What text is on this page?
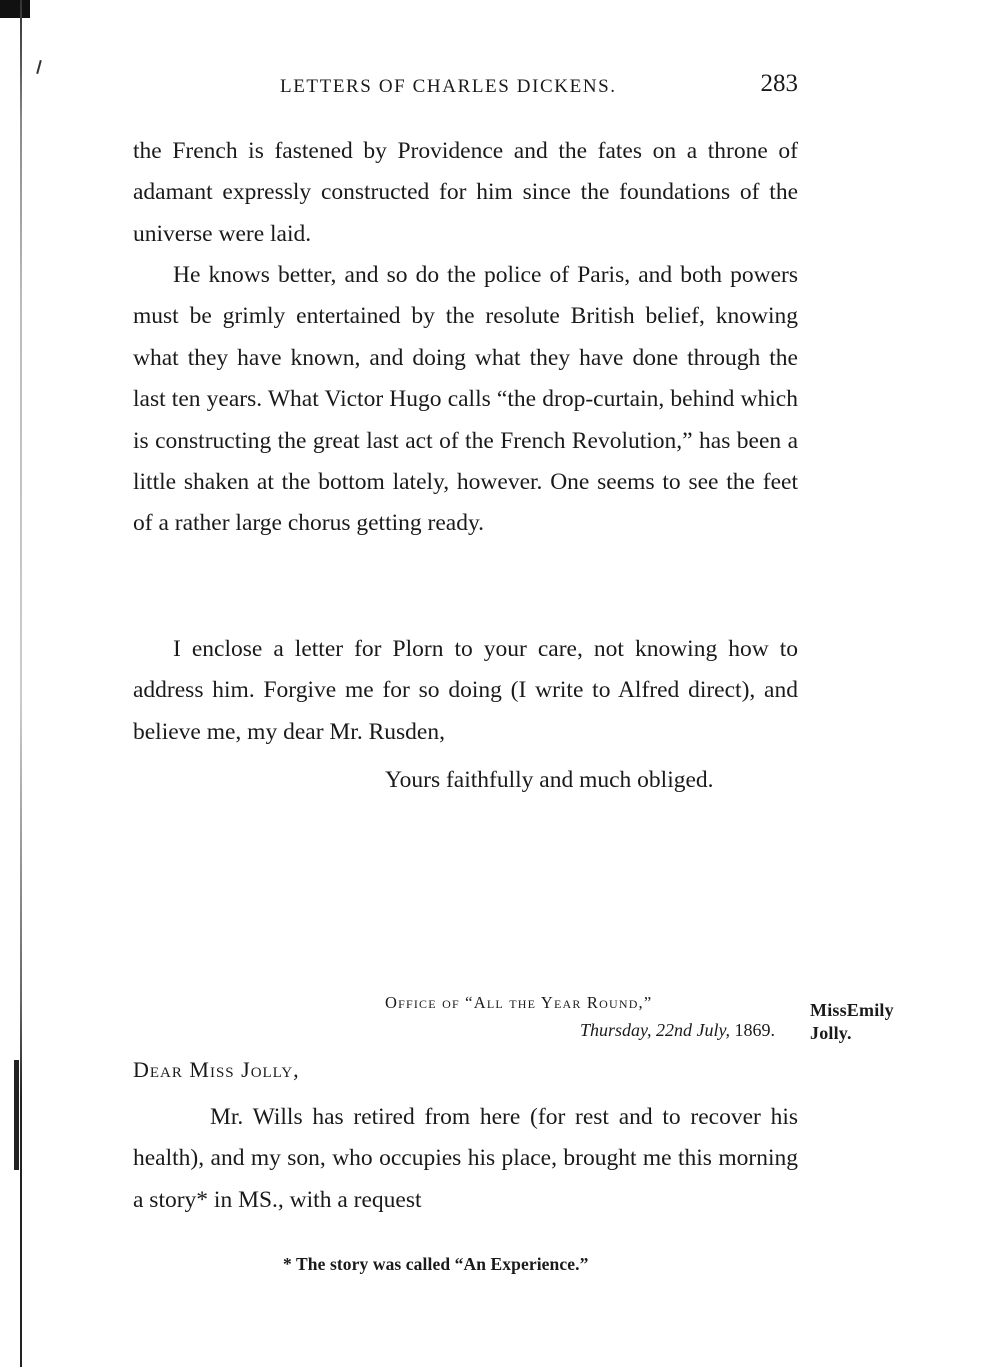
LETTERS OF CHARLES DICKENS.	283

the French is fastened by Providence and the fates on a throne of adamant expressly constructed for him since the foundations of the universe were laid.

He knows better, and so do the police of Paris, and both powers must be grimly entertained by the resolute British belief, knowing what they have known, and doing what they have done through the last ten years. What Victor Hugo calls “the drop-curtain, behind which is constructing the great last act of the French Revolution,” has been a little shaken at the bottom lately, however. One seems to see the feet of a rather large chorus getting ready.

I enclose a letter for Plorn to your care, not knowing how to address him. Forgive me for so doing (I write to Alfred direct), and believe me, my dear Mr. Rusden,

Yours faithfully and much obliged.
Office of “All the Year Round,”
Thursday, 22nd July, 1869.
MissEmily
Jolly.
Dear Miss Jolly,

Mr. Wills has retired from here (for rest and to recover his health), and my son, who occupies his place, brought me this morning a story* in MS., with a request

* The story was called “An Experience.”
